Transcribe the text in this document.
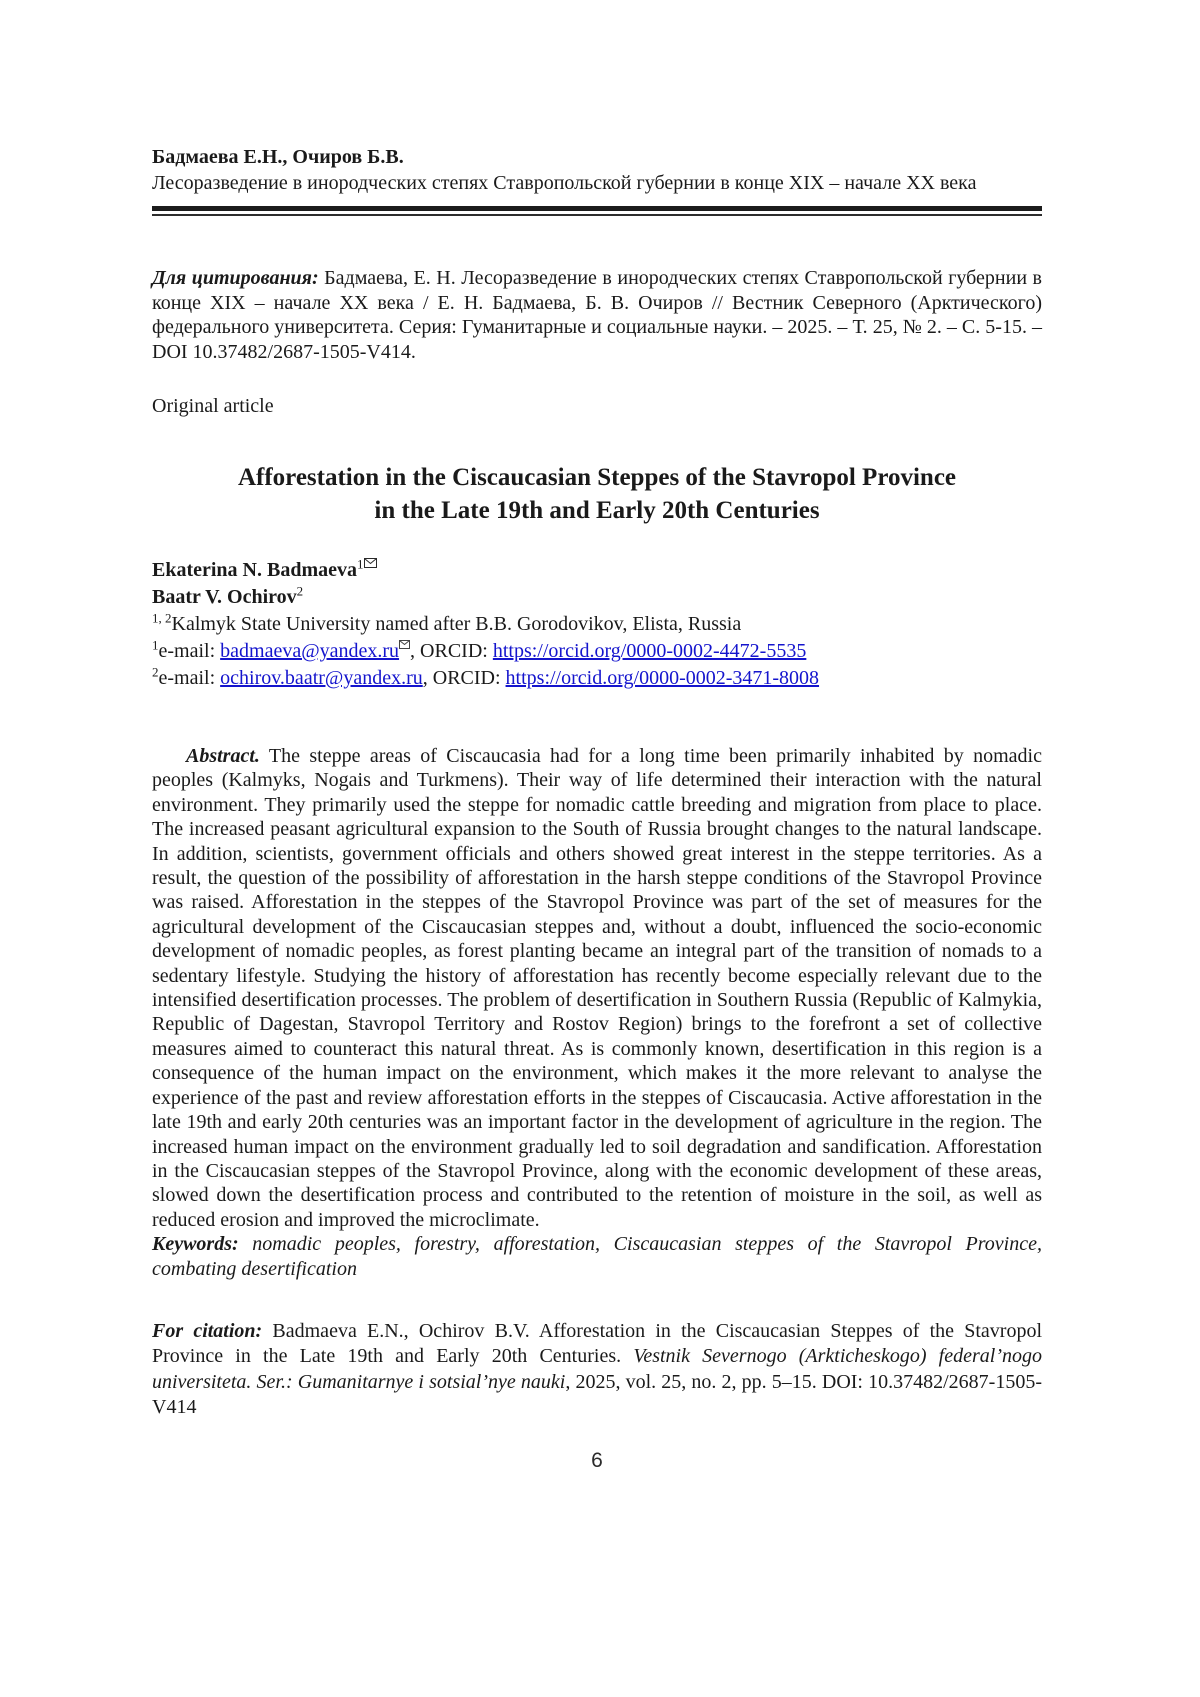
Бадмаева Е.Н., Очиров Б.В.
Лесоразведение в инородческих степях Ставропольской губернии в конце XIX – начале XX века

Для цитирования: Бадмаева, Е. Н. Лесоразведение в инородческих степях Ставропольской губернии в конце XIX – начале XX века / Е. Н. Бадмаева, Б. В. Очиров // Вестник Северного (Арктического) федерального университета. Серия: Гуманитарные и социальные науки. – 2025. – Т. 25, № 2. – С. 5-15. – DOI 10.37482/2687-1505-V414.

Original article

Afforestation in the Ciscaucasian Steppes of the Stavropol Province
in the Late 19th and Early 20th Centuries

Ekaterina N. Badmaeva$^1$

Baatr V. Ochirov$^2$

$^{1, 2}$Kalmyk State University named after B.B. Gorodovikov, Elista, Russia

$^1$e-mail: badmaeva@yandex.ru , ORCID: https://orcid.org/0000-0002-4472-5535

$^2$e-mail: ochirov.baatr@yandex.ru, ORCID: https://orcid.org/0000-0002-3471-8008

Abstract. The steppe areas of Ciscaucasia had for a long time been primarily inhabited by nomadic peoples (Kalmyks, Nogais and Turkmens). Their way of life determined their interaction with the natural environment. They primarily used the steppe for nomadic cattle breeding and migration from place to place. The increased peasant agricultural expansion to the South of Russia brought changes to the natural landscape. In addition, scientists, government officials and others showed great interest in the steppe territories. As a result, the question of the possibility of afforestation in the harsh steppe conditions of the Stavropol Province was raised. Afforestation in the steppes of the Stavropol Province was part of the set of measures for the agricultural development of the Ciscaucasian steppes and, without a doubt, influenced the socio-economic development of nomadic peoples, as forest planting became an integral part of the transition of nomads to a sedentary lifestyle. Studying the history of afforestation has recently become especially relevant due to the intensified desertification processes. The problem of desertification in Southern Russia (Republic of Kalmykia, Republic of Dagestan, Stavropol Territory and Rostov Region) brings to the forefront a set of collective measures aimed to counteract this natural threat. As is commonly known, desertification in this region is a consequence of the human impact on the environment, which makes it the more relevant to analyse the experience of the past and review afforestation efforts in the steppes of Ciscaucasia. Active afforestation in the late 19th and early 20th centuries was an important factor in the development of agriculture in the region. The increased human impact on the environment gradually led to soil degradation and sandification. Afforestation in the Ciscaucasian steppes of the Stavropol Province, along with the economic development of these areas, slowed down the desertification process and contributed to the retention of moisture in the soil, as well as reduced erosion and improved the microclimate.

Keywords: nomadic peoples, forestry, afforestation, Ciscaucasian steppes of the Stavropol Province, combating desertification

For citation: Badmaeva E.N., Ochirov B.V. Afforestation in the Ciscaucasian Steppes of the Stavropol Province in the Late 19th and Early 20th Centuries. Vestnik Severnogo (Arkticheskogo) federal’nogo universiteta. Ser.: Gumanitarnye i sotsial’nye nauki, 2025, vol. 25, no. 2, pp. 5–15. DOI: 10.37482/2687-1505-V414

6
